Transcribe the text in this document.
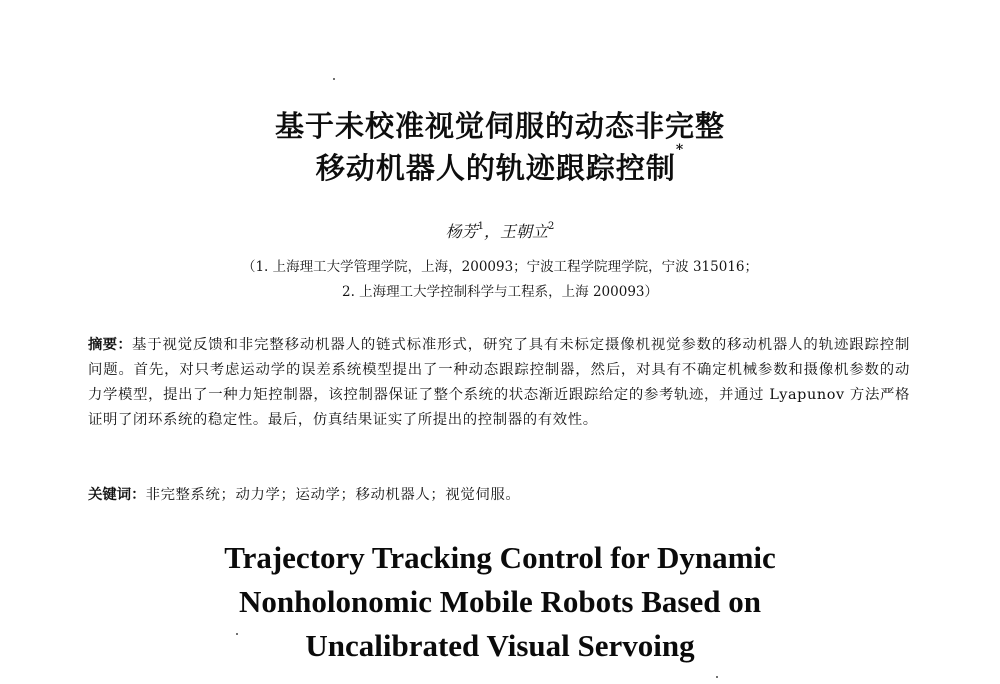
基于未校准视觉伺服的动态非完整
移动机器人的轨迹跟踪控制*
杨芳$^1$，王朝立$^2$
（1. 上海理工大学管理学院，上海，200093；宁波工程学院理学院，宁波 315016；
2. 上海理工大学控制科学与工程系，上海 200093）
摘要：基于视觉反馈和非完整移动机器人的链式标准形式，研究了具有未标定摄像机视觉参数的移动机器人的轨迹跟踪控制问题。首先，对只考虑运动学的误差系统模型提出了一种动态跟踪控制器，然后，对具有不确定机械参数和摄像机参数的动力学模型，提出了一种力矩控制器，该控制器保证了整个系统的状态渐近跟踪给定的参考轨迹，并通过 Lyapunov 方法严格证明了闭环系统的稳定性。最后，仿真结果证实了所提出的控制器的有效性。
关键词：非完整系统；动力学；运动学；移动机器人；视觉伺服。
Trajectory Tracking Control for Dynamic
Nonholonomic Mobile Robots Based on
Uncalibrated Visual Servoing
